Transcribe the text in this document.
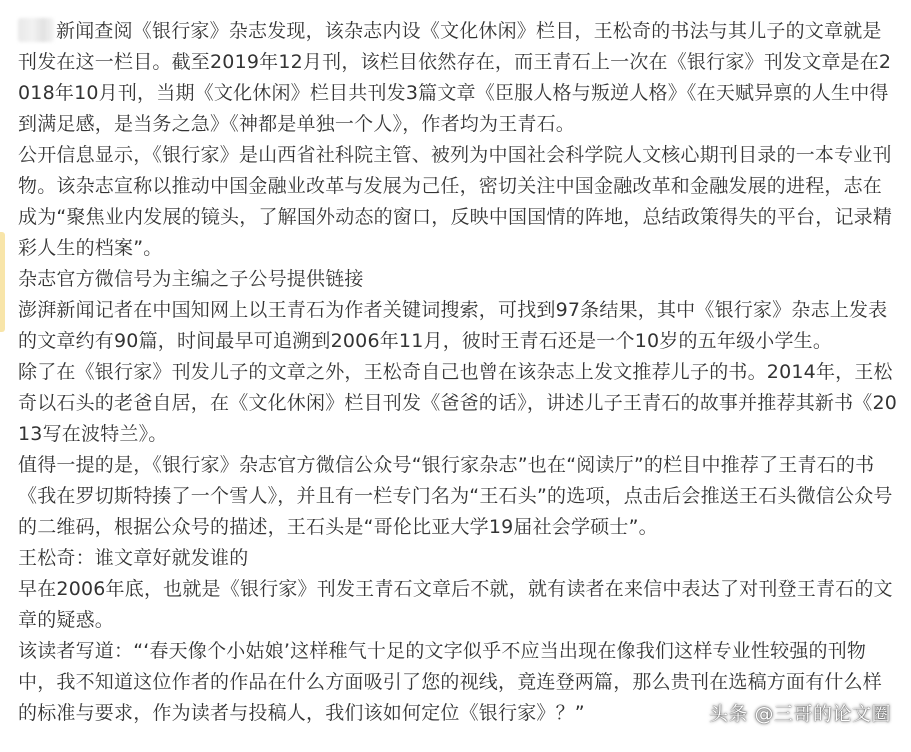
新闻查阅《银行家》杂志发现，该杂志内设《文化休闲》栏目，王松奇的书法与其儿子的文章就是刊发在这一栏目。截至2019年12月刊，该栏目依然存在，而王青石上一次在《银行家》刊发文章是在2018年10月刊，当期《文化休闲》栏目共刊发3篇文章《臣服人格与叛逆人格》《在天赋异禀的人生中得到满足感，是当务之急》《神都是单独一个人》，作者均为王青石。

公开信息显示，《银行家》是山西省社科院主管、被列为中国社会科学院人文核心期刊目录的一本专业刊物。该杂志宣称以推动中国金融业改革与发展为己任，密切关注中国金融改革和金融发展的进程，志在成为“聚焦业内发展的镜头，了解国外动态的窗口，反映中国国情的阵地，总结政策得失的平台，记录精彩人生的档案”。

杂志官方微信号为主编之子公号提供链接

澎湃新闻记者在中国知网上以王青石为作者关键词搜索，可找到97条结果，其中《银行家》杂志上发表的文章约有90篇，时间最早可追溯到2006年11月，彼时王青石还是一个10岁的五年级小学生。

除了在《银行家》刊发儿子的文章之外，王松奇自己也曾在该杂志上发文推荐儿子的书。2014年，王松奇以石头的老爸自居，在《文化休闲》栏目刊发《爸爸的话》，讲述儿子王青石的故事并推荐其新书《2013写在波特兰》。

值得一提的是，《银行家》杂志官方微信公众号“银行家杂志”也在“阅读厅”的栏目中推荐了王青石的书《我在罗切斯特揍了一个雪人》，并且有一栏专门名为“王石头”的选项，点击后会推送王石头微信公众号的二维码，根据公众号的描述，王石头是“哥伦比亚大学19届社会学硕士”。

王松奇：谁文章好就发谁的

早在2006年底，也就是《银行家》刊发王青石文章后不就，就有读者在来信中表达了对刊登王青石的文章的疑惑。

该读者写道：“‘春天像个小姑娘’这样稚气十足的文字似乎不应当出现在像我们这样专业性较强的刊物中，我不知道这位作者的作品在什么方面吸引了您的视线，竟连登两篇，那么贵刊在选稿方面有什么样的标准与要求，作为读者与投稿人，我们该如何定位《银行家》？”	头条 @三哥的论文圈
